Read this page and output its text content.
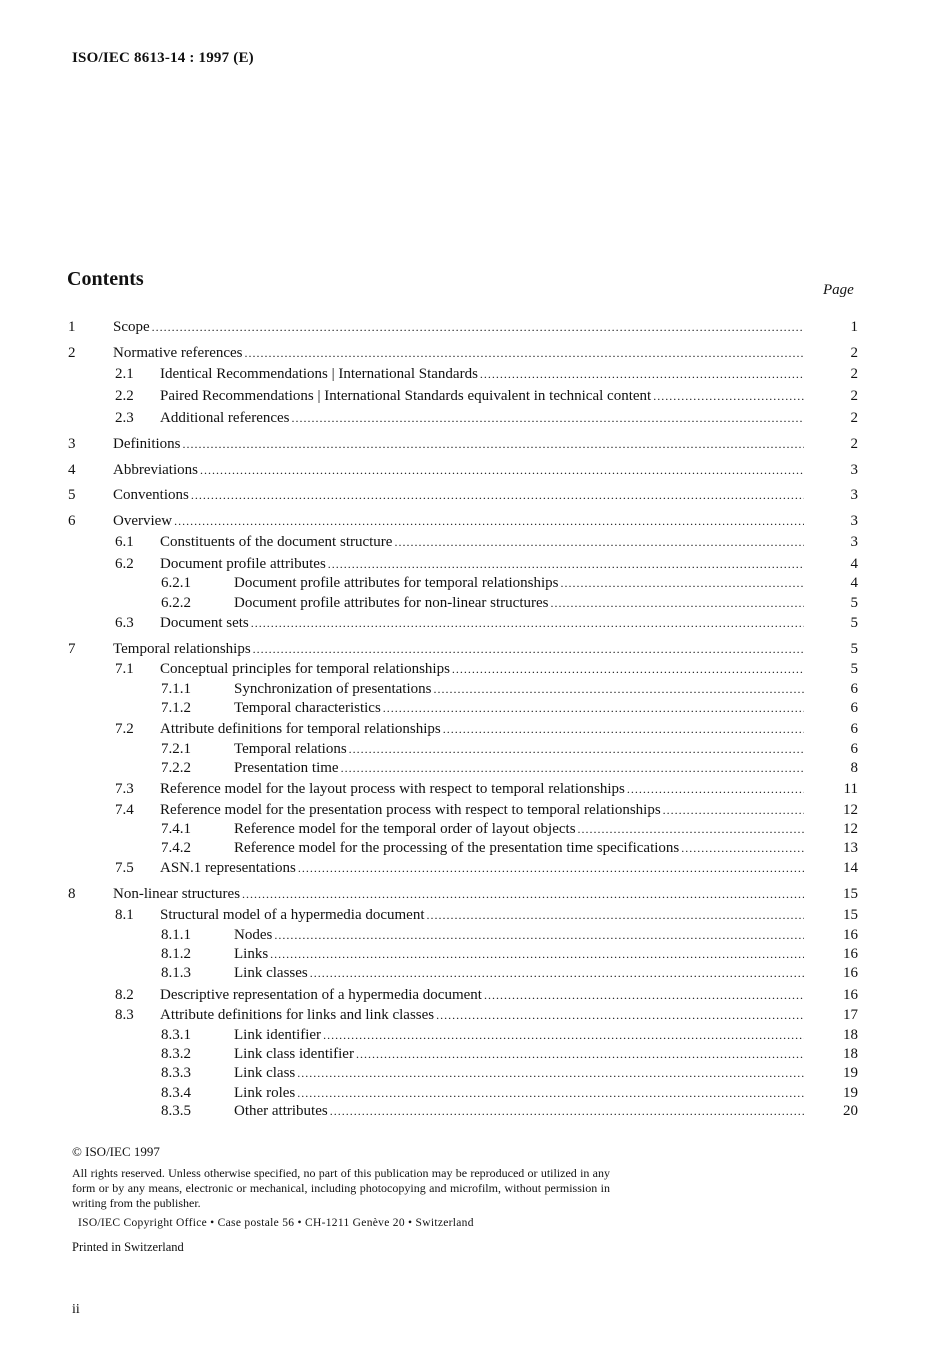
ISO/IEC 8613-14 : 1997 (E)
Contents	Page
1	Scope .....	1
2	Normative references .....	2
2.1 Identical Recommendations | International Standards .....	2
2.2 Paired Recommendations | International Standards equivalent in technical content .....	2
2.3 Additional references .....	2
3	Definitions .....	2
4	Abbreviations .....	3
5	Conventions .....	3
6	Overview .....	3
6.1 Constituents of the document structure .....	3
6.2 Document profile attributes .....	4
6.2.1	Document profile attributes for temporal relationships .....	4
6.2.2	Document profile attributes for non-linear structures .....	5
6.3 Document sets .....	5
7	Temporal relationships .....	5
7.1 Conceptual principles for temporal relationships .....	5
7.1.1	Synchronization of presentations .....	6
7.1.2	Temporal characteristics .....	6
7.2 Attribute definitions for temporal relationships .....	6
7.2.1	Temporal relations .....	6
7.2.2	Presentation time .....	8
7.3 Reference model for the layout process with respect to temporal relationships .....	11
7.4 Reference model for the presentation process with respect to temporal relationships .....	12
7.4.1	Reference model for the temporal order of layout objects .....	12
7.4.2	Reference model for the processing of the presentation time specifications .....	13
7.5 ASN.1 representations .....	14
8	Non-linear structures .....	15
8.1 Structural model of a hypermedia document .....	15
8.1.1	Nodes .....	16
8.1.2	Links .....	16
8.1.3	Link classes .....	16
8.2 Descriptive representation of a hypermedia document .....	16
8.3 Attribute definitions for links and link classes .....	17
8.3.1	Link identifier .....	18
8.3.2	Link class identifier .....	18
8.3.3	Link class .....	19
8.3.4	Link roles .....	19
8.3.5	Other attributes .....	20
© ISO/IEC 1997
All rights reserved. Unless otherwise specified, no part of this publication may be reproduced or utilized in any form or by any means, electronic or mechanical, including photocopying and microfilm, without permission in writing from the publisher.
ISO/IEC Copyright Office • Case postale 56 • CH-1211 Genève 20 • Switzerland
Printed in Switzerland
ii
